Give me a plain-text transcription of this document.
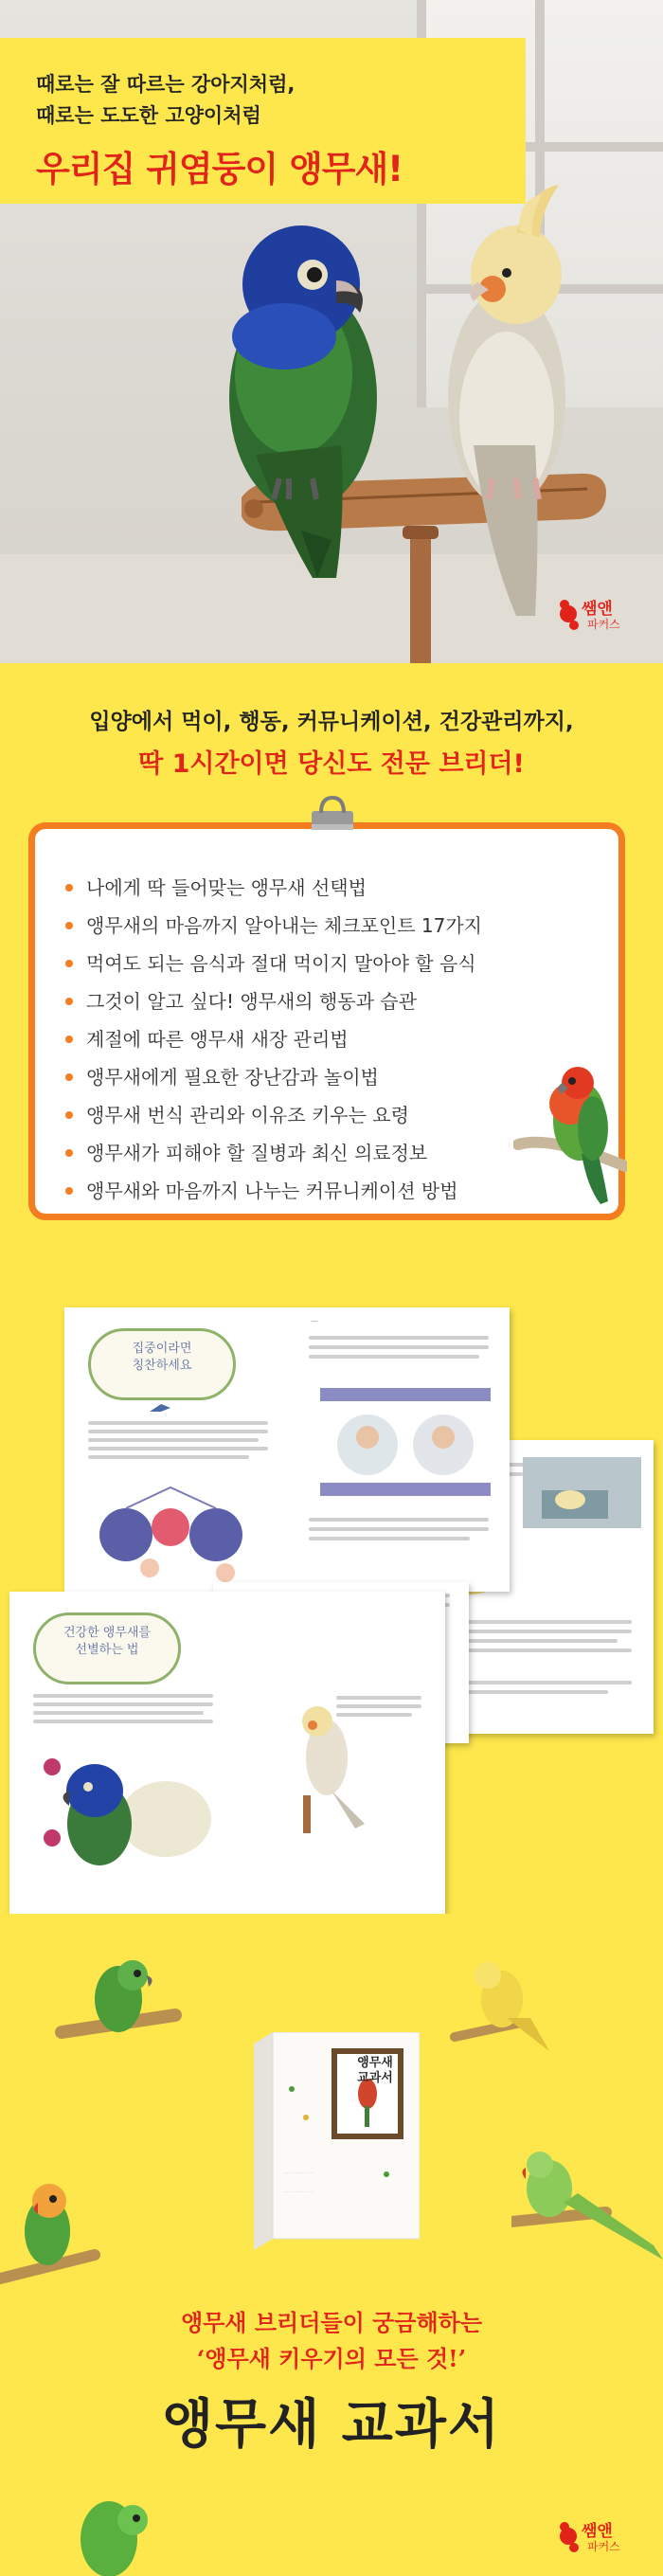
때로는 잘 따르는 강아지처럼,
때로는 도도한 고양이처럼
우리집 귀염둥이 앵무새!
쌤앤
파커스
입양에서 먹이, 행동, 커뮤니케이션, 건강관리까지,
딱 1시간이면 당신도 전문 브리더!
나에게 딱 들어맞는 앵무새 선택법
앵무새의 마음까지 알아내는 체크포인트 17가지
먹여도 되는 음식과 절대 먹이지 말아야 할 음식
그것이 알고 싶다! 앵무새의 행동과 습관
계절에 따른 앵무새 새장 관리법
앵무새에게 필요한 장난감과 놀이법
앵무새 번식 관리와 이유조 키우는 요령
앵무새가 피해야 할 질병과 최신 의료정보
앵무새와 마음까지 나누는 커뮤니케이션 방법
집중이라면
칭찬하세요
—
건강한 앵무새를
선별하는 법
· · · · · · · · · ·
· · · · · · · · · ·
앵무새
교과서
앵무새 브리더들이 궁금해하는
‘앵무새 키우기의 모든 것!’
앵무새 교과서
쌤앤
파커스
